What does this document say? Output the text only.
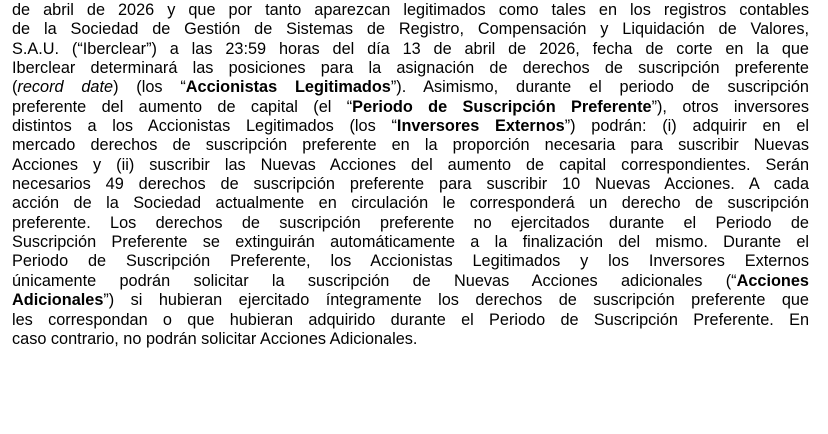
de abril de 2026 y que por tanto aparezcan legitimados como tales en los registros contables
de la Sociedad de Gestión de Sistemas de Registro, Compensación y Liquidación de Valores,
S.A.U. (“Iberclear”) a las 23:59 horas del día 13 de abril de 2026, fecha de corte en la que
Iberclear determinará las posiciones para la asignación de derechos de suscripción preferente
(record date) (los “Accionistas Legitimados”). Asimismo, durante el periodo de suscripción
preferente del aumento de capital (el “Periodo de Suscripción Preferente”), otros inversores
distintos a los Accionistas Legitimados (los “Inversores Externos”) podrán: (i) adquirir en el
mercado derechos de suscripción preferente en la proporción necesaria para suscribir Nuevas
Acciones y (ii) suscribir las Nuevas Acciones del aumento de capital correspondientes. Serán
necesarios 49 derechos de suscripción preferente para suscribir 10 Nuevas Acciones. A cada
acción de la Sociedad actualmente en circulación le corresponderá un derecho de suscripción
preferente. Los derechos de suscripción preferente no ejercitados durante el Periodo de
Suscripción Preferente se extinguirán automáticamente a la finalización del mismo. Durante el
Periodo de Suscripción Preferente, los Accionistas Legitimados y los Inversores Externos
únicamente podrán solicitar la suscripción de Nuevas Acciones adicionales (“Acciones
Adicionales”) si hubieran ejercitado íntegramente los derechos de suscripción preferente que
les correspondan o que hubieran adquirido durante el Periodo de Suscripción Preferente. En
caso contrario, no podrán solicitar Acciones Adicionales.
